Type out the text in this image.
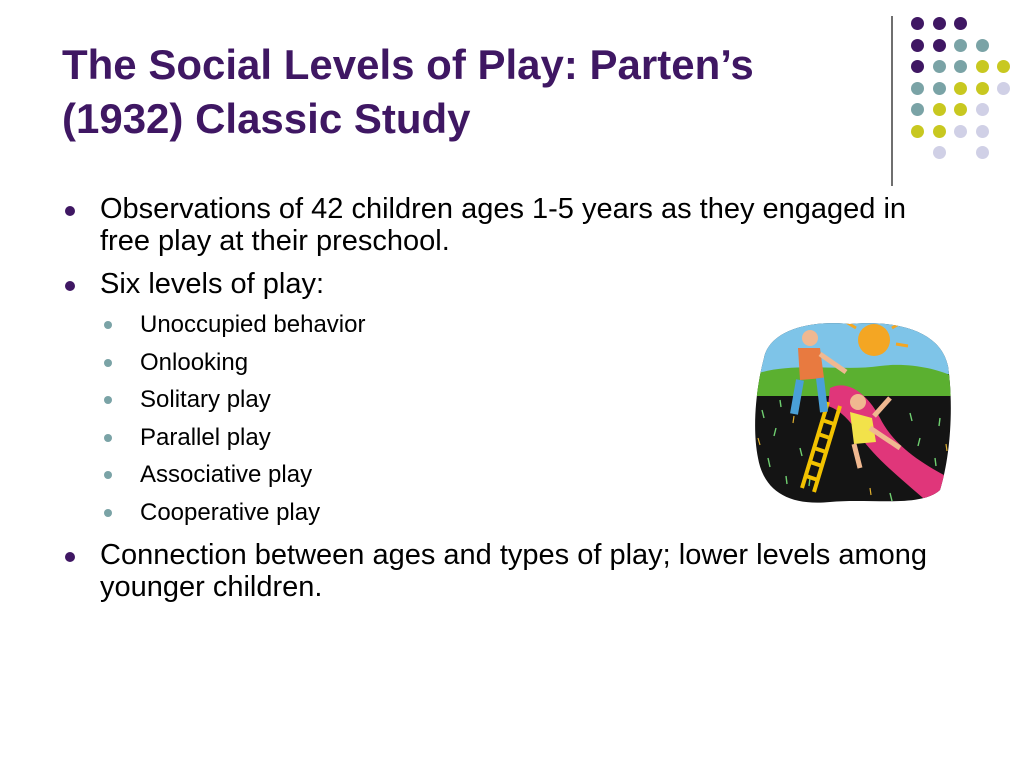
The Social Levels of Play: Parten’s
(1932) Classic Study
Observations of 42 children ages 1-5 years as they engaged in free play at their preschool.
Six levels of play:
Unoccupied behavior
Onlooking
Solitary play
Parallel play
Associative play
Cooperative play
Connection between ages and types of play; lower levels among younger children.
